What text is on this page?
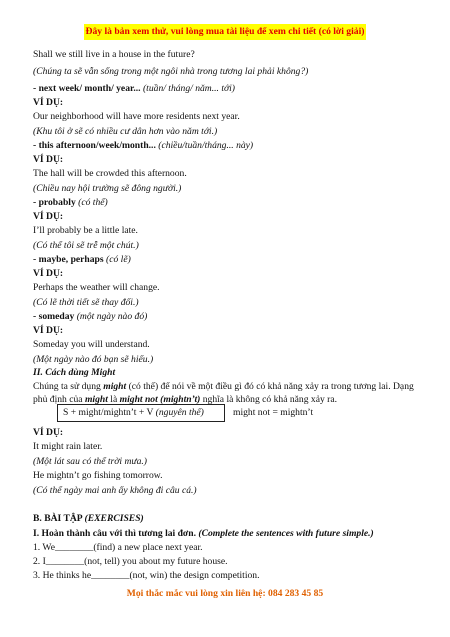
Đây là bản xem thử, vui lòng mua tài liệu để xem chi tiết (có lời giải)
Shall we still live in a house in the future?
(Chúng ta sẽ vẫn sống trong một ngôi nhà trong tương lai phải không?)
- next week/ month/ year... (tuần/ tháng/ năm... tới)
VÍ DỤ:
Our neighborhood will have more residents next year.
(Khu tôi ở sẽ có nhiều cư dân hơn vào năm tới.)
- this afternoon/week/month... (chiều/tuần/tháng... này)
VÍ DỤ:
The hall will be crowded this afternoon.
(Chiều nay hội trường sẽ đông người.)
- probably (có thể)
VÍ DỤ:
I’ll probably be a little late.
(Có thể tôi sẽ trễ một chút.)
- maybe, perhaps (có lẽ)
VÍ DỤ:
Perhaps the weather will change.
(Có lẽ thời tiết sẽ thay đổi.)
- someday (một ngày nào đó)
VÍ DỤ:
Someday you will understand.
(Một ngày nào đó bạn sẽ hiểu.)
II. Cách dùng Might
Chúng ta sử dụng might (có thể) để nói về một điều gì đó có khả năng xảy ra trong tương lai. Dạng phủ định của might là might not (mightn’t) nghĩa là không có khả năng xảy ra.
S + might/mightn’t + V (nguyên thể)	might not = mightn’t
VÍ DỤ:
It might rain later.
(Một lát sau có thể trời mưa.)
He mightn’t go fishing tomorrow.
(Có thể ngày mai anh ấy không đi câu cá.)
B. BÀI TẬP (EXERCISES)
I. Hoàn thành câu với thì tương lai đơn. (Complete the sentences with future simple.)
1. We________(find) a new place next year.
2. I________(not, tell) you about my future house.
3. He thinks he________(not, win) the design competition.
Mọi thắc mắc vui lòng xin liên hệ: 084 283 45 85
